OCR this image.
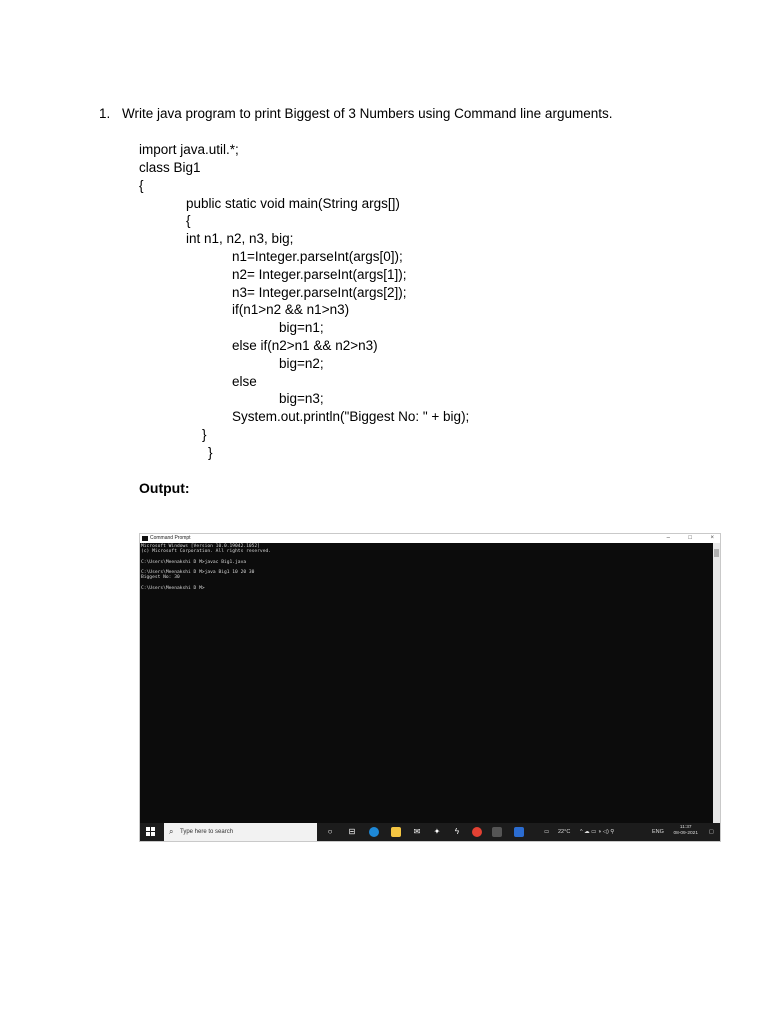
1. Write java program to print Biggest of 3 Numbers using Command line arguments.
import java.util.*;
class Big1
{
public static void main(String args[])
{
int n1, n2, n3, big;
n1=Integer.parseInt(args[0]);
n2= Integer.parseInt(args[1]);
n3= Integer.parseInt(args[2]);
if(n1>n2 && n1>n3)
big=n1;
else if(n2>n1 && n2>n3)
big=n2;
else
big=n3;
System.out.println("Biggest No: " + big);
}
}
Output:
Command Prompt	–	□	×
Microsoft Windows [Version 10.0.19042.1052]
(c) Microsoft Corporation. All rights reserved.
C:\Users\Meenakshi D M>javac Big1.java
C:\Users\Meenakshi D M>java Big1 10 20 30
Biggest No: 30
C:\Users\Meenakshi D M>
⌕ Type here to search	○	⊟	✉ ✦	ϟ	▭ 22°C ^ ☁ ▭ ◑ ◁) ⚲	ENG
11:37
08-09-2021 ▢
